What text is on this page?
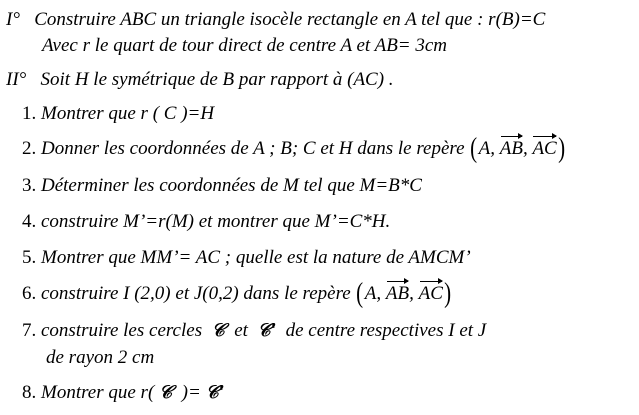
I° Construire ABC un triangle isocèle rectangle en A tel que : r(B)=C
Avec r le quart de tour direct de centre A et AB= 3cm
II° Soit H le symétrique de B par rapport à (AC) .
1. Montrer que r ( C )=H
2. Donner les coordonnées de A ; B; C et H dans le repère (A, AB, AC)
3. Déterminer les coordonnées de M tel que M=B*C
4. construire M’=r(M) et montrer que M’=C*H.
5. Montrer que MM’= AC ; quelle est la nature de AMCM’
6. construire I (2,0) et J(0,2) dans le repère (A, AB, AC)
7. construire les cercles 𝒞 et 𝒞' de centre respectives I et J
de rayon 2 cm
8. Montrer que r( 𝒞 )= 𝒞'
